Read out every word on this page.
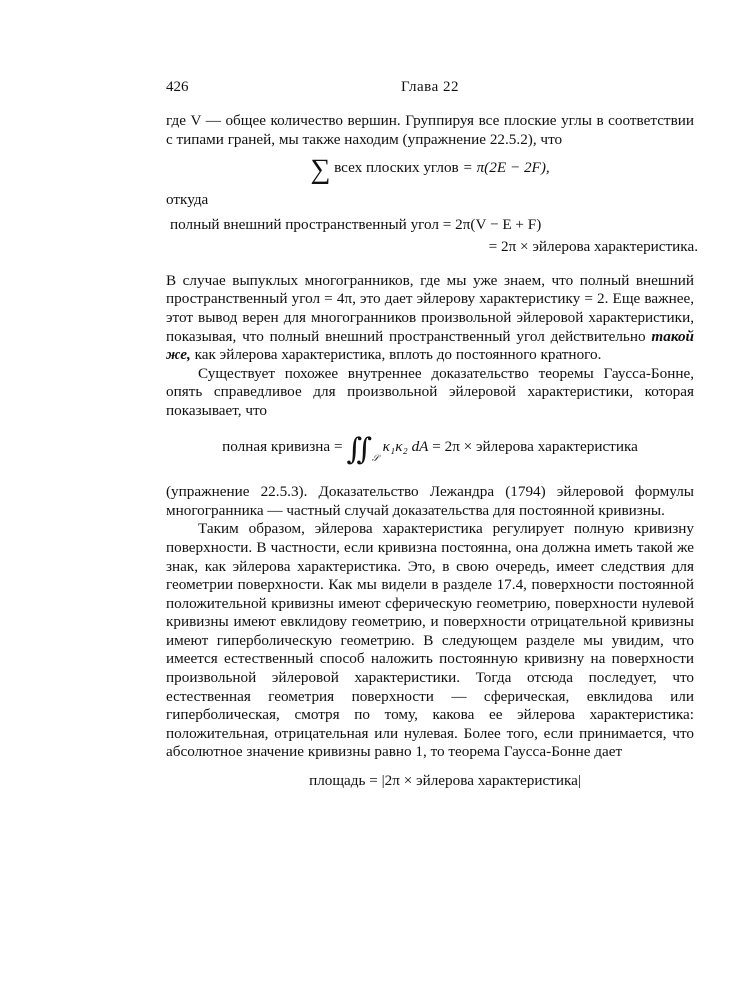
426	Глава 22

где V — общее количество вершин. Группируя все плоские углы в соответствии с типами граней, мы также находим (упражнение 22.5.2), что

∑ всех плоских углов = π(2E − 2F),

откуда

полный внешний пространственный угол = 2π(V − E + F)
= 2π × эйлерова характеристика.

В случае выпуклых многогранников, где мы уже знаем, что полный внешний пространственный угол = 4π, это дает эйлерову характеристику = 2. Еще важнее, этот вывод верен для многогранников произвольной эйлеровой характеристики, показывая, что полный внешний пространственный угол действительно такой же, как эйлерова характеристика, вплоть до постоянного кратного.

Существует похожее внутреннее доказательство теоремы Гаусса-Бонне, опять справедливое для произвольной эйлеровой характеристики, которая показывает, что

полная кривизна = $∬_𝒮$ κ₁κ₂ dA = 2π × эйлерова характеристика

(упражнение 22.5.3). Доказательство Лежандра (1794) эйлеровой формулы многогранника — частный случай доказательства для постоянной кривизны.

Таким образом, эйлерова характеристика регулирует полную кривизну поверхности. В частности, если кривизна постоянна, она должна иметь такой же знак, как эйлерова характеристика. Это, в свою очередь, имеет следствия для геометрии поверхности. Как мы видели в разделе 17.4, поверхности постоянной положительной кривизны имеют сферическую геометрию, поверхности нулевой кривизны имеют евклидову геометрию, и поверхности отрицательной кривизны имеют гиперболическую геометрию. В следующем разделе мы увидим, что имеется естественный способ наложить постоянную кривизну на поверхности произвольной эйлеровой характеристики. Тогда отсюда последует, что естественная геометрия поверхности — сферическая, евклидова или гиперболическая, смотря по тому, какова ее эйлерова характеристика: положительная, отрицательная или нулевая. Более того, если принимается, что абсолютное значение кривизны равно 1, то теорема Гаусса-Бонне дает

площадь = |2π × эйлерова характеристика|
